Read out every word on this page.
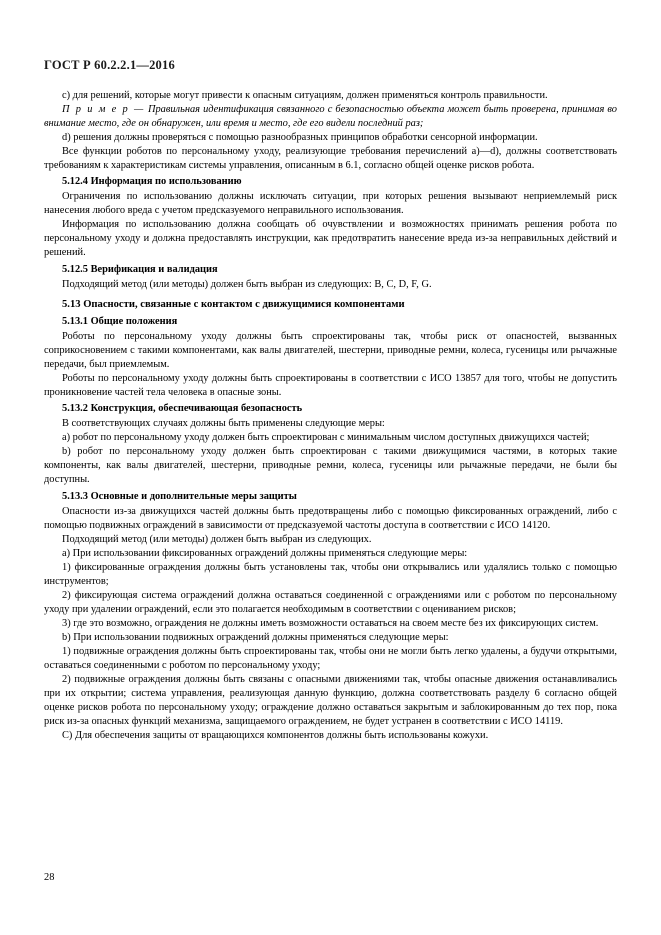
ГОСТ Р 60.2.2.1—2016

c) для решений, которые могут привести к опасным ситуациям, должен применяться контроль правильности.

П р и м е р — Правильная идентификация связанного с безопасностью объекта может быть проверена, принимая во внимание место, где он обнаружен, или время и место, где его видели последний раз;

d) решения должны проверяться с помощью разнообразных принципов обработки сенсорной информации.

Все функции роботов по персональному уходу, реализующие требования перечислений а)—d), должны соответствовать требованиям к характеристикам системы управления, описанным в 6.1, согласно общей оценке рисков робота.

5.12.4 Информация по использованию

Ограничения по использованию должны исключать ситуации, при которых решения вызывают неприемлемый риск нанесения любого вреда с учетом предсказуемого неправильного использования.

Информация по использованию должна сообщать об очувствлении и возможностях принимать решения робота по персональному уходу и должна предоставлять инструкции, как предотвратить нанесение вреда из-за неправильных действий и решений.

5.12.5 Верификация и валидация

Подходящий метод (или методы) должен быть выбран из следующих: B, C, D, F, G.

5.13 Опасности, связанные с контактом с движущимися компонентами
5.13.1 Общие положения

Роботы по персональному уходу должны быть спроектированы так, чтобы риск от опасностей, вызванных соприкосновением с такими компонентами, как валы двигателей, шестерни, приводные ремни, колеса, гусеницы или рычажные передачи, был приемлемым.

Роботы по персональному уходу должны быть спроектированы в соответствии с ИСО 13857 для того, чтобы не допустить проникновение частей тела человека в опасные зоны.

5.13.2 Конструкция, обеспечивающая безопасность

В соответствующих случаях должны быть применены следующие меры:

a) робот по персональному уходу должен быть спроектирован с минимальным числом доступных движущихся частей;

b) робот по персональному уходу должен быть спроектирован с такими движущимися частями, в которых такие компоненты, как валы двигателей, шестерни, приводные ремни, колеса, гусеницы или рычажные передачи, не были бы доступны.

5.13.3 Основные и дополнительные меры защиты

Опасности из-за движущихся частей должны быть предотвращены либо с помощью фиксированных ограждений, либо с помощью подвижных ограждений в зависимости от предсказуемой частоты доступа в соответствии с ИСО 14120.

Подходящий метод (или методы) должен быть выбран из следующих.

a) При использовании фиксированных ограждений должны применяться следующие меры:

1) фиксированные ограждения должны быть установлены так, чтобы они открывались или удалялись только с помощью инструментов;

2) фиксирующая система ограждений должна оставаться соединенной с ограждениями или с роботом по персональному уходу при удалении ограждений, если это полагается необходимым в соответствии с оцениванием рисков;

3) где это возможно, ограждения не должны иметь возможности оставаться на своем месте без их фиксирующих систем.

b) При использовании подвижных ограждений должны применяться следующие меры:

1) подвижные ограждения должны быть спроектированы так, чтобы они не могли быть легко удалены, а будучи открытыми, оставаться соединенными с роботом по персональному уходу;

2) подвижные ограждения должны быть связаны с опасными движениями так, чтобы опасные движения останавливались при их открытии; система управления, реализующая данную функцию, должна соответствовать разделу 6 согласно общей оценке рисков робота по персональному уходу; ограждение должно оставаться закрытым и заблокированным до тех пор, пока риск из-за опасных функций механизма, защищаемого ограждением, не будет устранен в соответствии с ИСО 14119.

C) Для обеспечения защиты от вращающихся компонентов должны быть использованы кожухи.

28
